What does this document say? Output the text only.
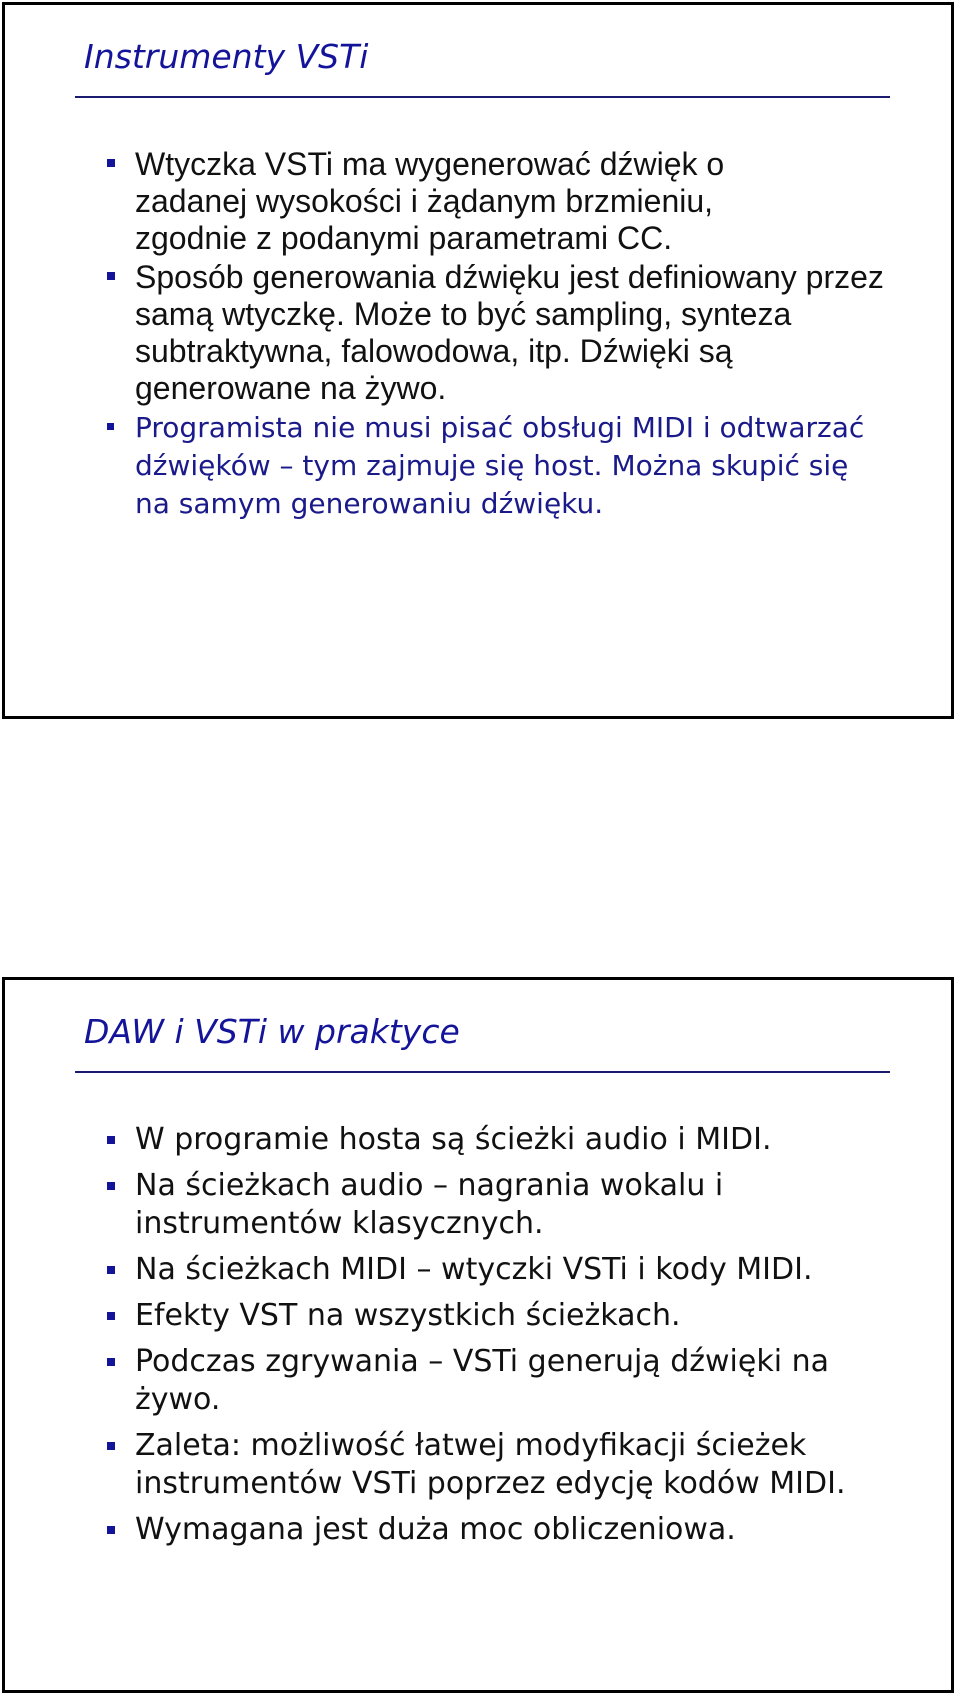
Instrumenty VSTi
Wtyczka VSTi ma wygenerować dźwięk o zadanej wysokości i żądanym brzmieniu, zgodnie z podanymi parametrami CC.
Sposób generowania dźwięku jest definiowany przez samą wtyczkę. Może to być sampling, synteza subtraktywna, falowodowa, itp. Dźwięki są generowane na żywo.
Programista nie musi pisać obsługi MIDI i odtwarzać dźwięków – tym zajmuje się host. Można skupić się na samym generowaniu dźwięku.
DAW i VSTi w praktyce
W programie hosta są ścieżki audio i MIDI.
Na ścieżkach audio – nagrania wokalu i instrumentów klasycznych.
Na ścieżkach MIDI – wtyczki VSTi i kody MIDI.
Efekty VST na wszystkich ścieżkach.
Podczas zgrywania – VSTi generują dźwięki na żywo.
Zaleta: możliwość łatwej modyfikacji ścieżek instrumentów VSTi poprzez edycję kodów MIDI.
Wymagana jest duża moc obliczeniowa.
